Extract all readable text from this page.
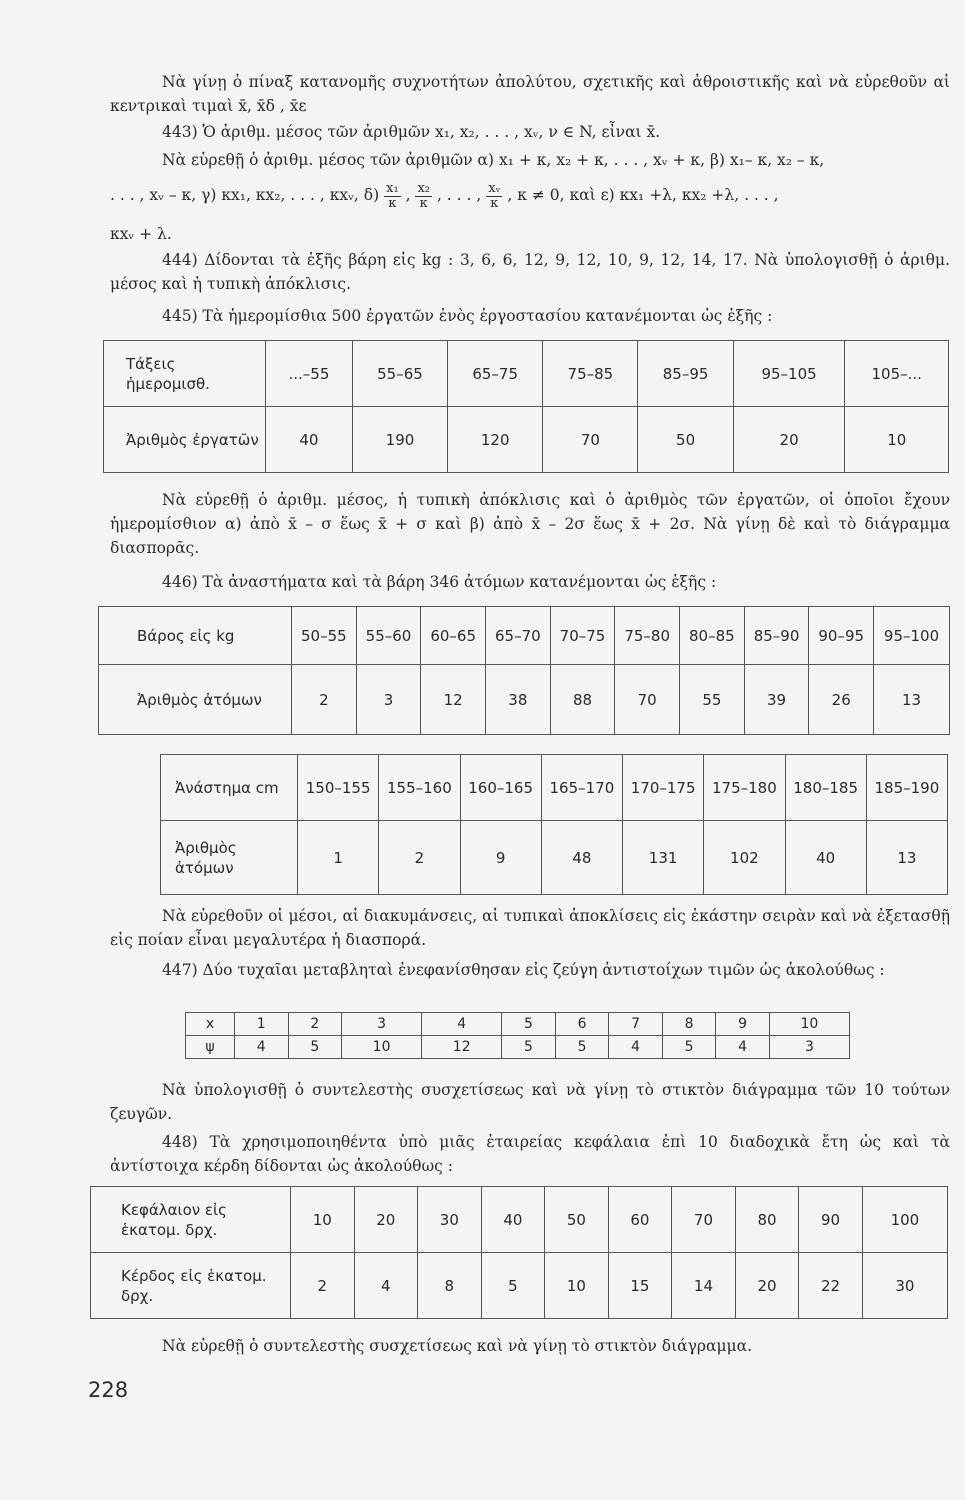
Νὰ γίνῃ ὁ πίναξ κατανομῆς συχνοτήτων ἀπολύτου, σχετικῆς καὶ ἀθροιστικῆς καὶ νὰ εὑρεθοῦν αἱ κεντρικαὶ τιμαὶ x̄, x̄δ , x̄ε

443) Ὁ ἀριθμ. μέσος τῶν ἀριθμῶν x₁, x₂, . . . , xᵥ, ν ∈ N, εἶναι x̄.

Νὰ εὑρεθῇ ὁ ἀριθμ. μέσος τῶν ἀριθμῶν α) x₁ + κ, x₂ + κ, . . . , xᵥ + κ, β) x₁– κ, x₂ – κ,

. . . , xᵥ – κ, γ) κx₁, κx₂, . . . , κxᵥ, $\delta) \frac{\text{x₁}}{\kappa}$ , $\frac{\text{x₂}}{\kappa}$ , . . . , $\frac{\text{xᵥ}}{\kappa}$ , κ ≠ 0, καὶ ε) κx₁ +λ, κx₂ +λ, . . . ,

κxᵥ + λ.

444) Δίδονται τὰ ἑξῆς βάρη εἰς kg : 3, 6, 6, 12, 9, 12, 10, 9, 12, 14, 17. Νὰ ὑπολογισθῇ ὁ ἀριθμ. μέσος καὶ ἡ τυπικὴ ἀπόκλισις.

445) Τὰ ἡμερομίσθια 500 ἐργατῶν ἑνὸς ἐργοστασίου κατανέμονται ὡς ἑξῆς :

Τάξεις ἡμερομισθ.	...–55	55–65	65–75	75–85	85–95	95–105	105–...
Ἀριθμὸς ἐργατῶν	40	190	120	70	50	20	10

Νὰ εὑρεθῇ ὁ ἀριθμ. μέσος, ἡ τυπικὴ ἀπόκλισις καὶ ὁ ἀριθμὸς τῶν ἐργατῶν, οἱ ὁποῖοι ἔχουν ἡμερομίσθιον α) ἀπὸ x̄ – σ ἕως x̄ + σ καὶ β) ἀπὸ x̄ – 2σ ἕως x̄ + 2σ. Νὰ γίνῃ δὲ καὶ τὸ διάγραμμα διασπορᾶς.

446) Τὰ ἀναστήματα καὶ τὰ βάρη 346 ἀτόμων κατανέμονται ὡς ἑξῆς :

Βάρος εἰς kg	50–55	55–60	60–65	65–70	70–75	75–80	80–85	85–90	90–95	95–100
Ἀριθμὸς ἀτόμων	2	3	12	38	88	70	55	39	26	13
Ἀνάστημα cm	150–155	155–160	160–165	165–170	170–175	175–180	180–185	185–190
Ἀριθμὸς ἀτόμων	1	2	9	48	131	102	40	13

Νὰ εὑρεθοῦν οἱ μέσοι, αἱ διακυμάνσεις, αἱ τυπικαὶ ἀποκλίσεις εἰς ἑκάστην σειρὰν καὶ νὰ ἐξετασθῇ εἰς ποίαν εἶναι μεγαλυτέρα ἡ διασπορά.

447) Δύο τυχαῖαι μεταβληταὶ ἐνεφανίσθησαν εἰς ζεύγη ἀντιστοίχων τιμῶν ὡς ἀκολούθως :

x	1	2	3	4	5	6	7	8	9	10
ψ	4	5	10	12	5	5	4	5	4	3

Νὰ ὑπολογισθῇ ὁ συντελεστὴς συσχετίσεως καὶ νὰ γίνῃ τὸ στικτὸν διάγραμμα τῶν 10 τούτων ζευγῶν.

448) Τὰ χρησιμοποιηθέντα ὑπὸ μιᾶς ἑταιρείας κεφάλαια ἐπὶ 10 διαδοχικὰ ἔτη ὡς καὶ τὰ ἀντίστοιχα κέρδη δίδονται ὡς ἀκολούθως :

Κεφάλαιον εἰς ἑκατομ. δρχ.	10	20	30	40	50	60	70	80	90	100
Κέρδος εἰς ἑκατομ. δρχ.	2	4	8	5	10	15	14	20	22	30

Νὰ εὑρεθῇ ὁ συντελεστὴς συσχετίσεως καὶ νὰ γίνῃ τὸ στικτὸν διάγραμμα.

228
